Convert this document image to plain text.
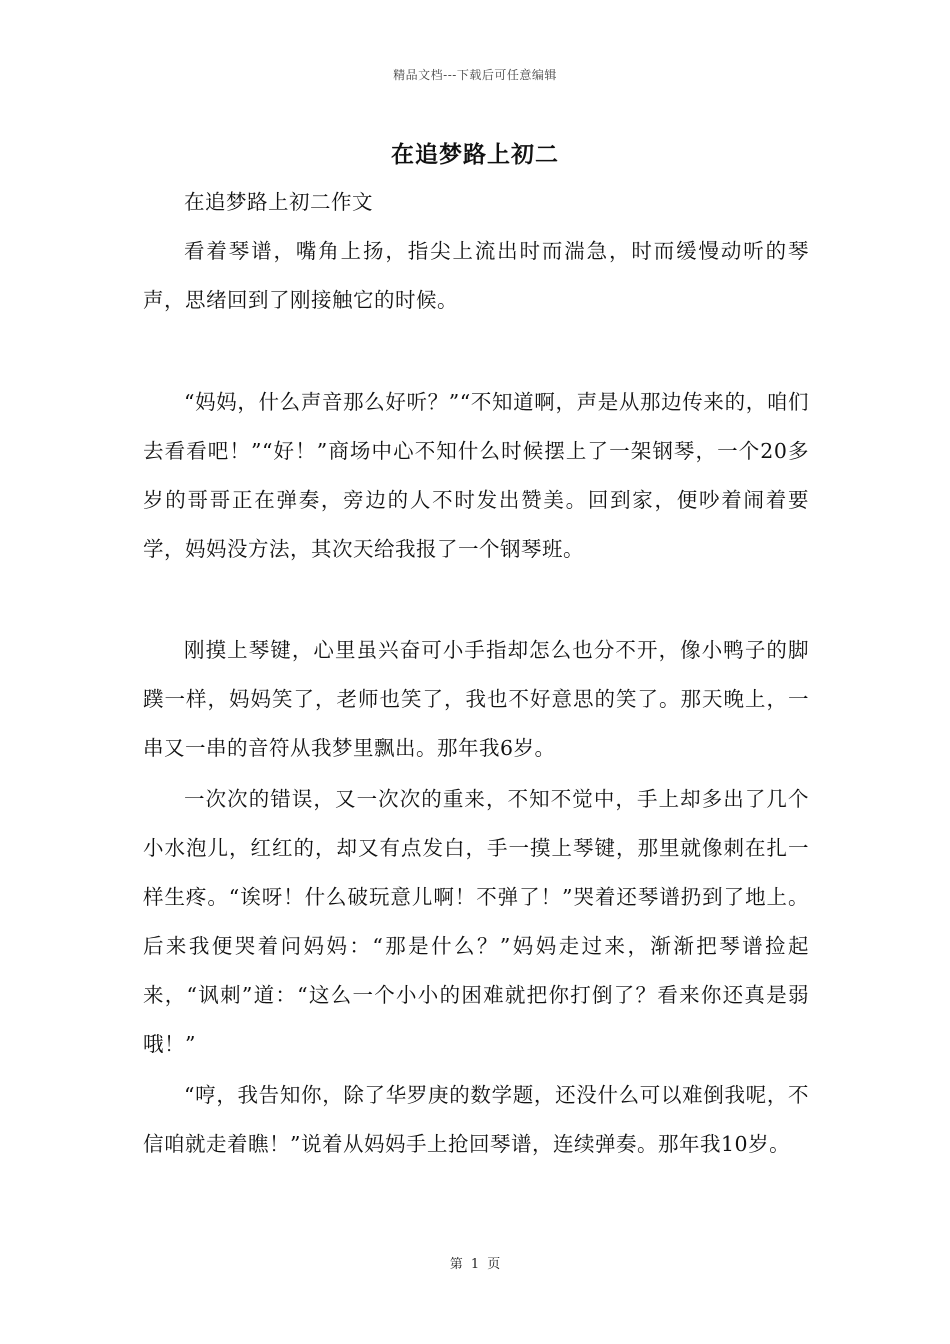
精品文档---下载后可任意编辑
在追梦路上初二

在追梦路上初二作文

看着琴谱，嘴角上扬，指尖上流出时而湍急，时而缓慢动听的琴声，思绪回到了刚接触它的时候。

“妈妈，什么声音那么好听？”“不知道啊，声是从那边传来的，咱们去看看吧！”“好！”商场中心不知什么时候摆上了一架钢琴，一个20多岁的哥哥正在弹奏，旁边的人不时发出赞美。回到家，便吵着闹着要学，妈妈没方法，其次天给我报了一个钢琴班。

刚摸上琴键，心里虽兴奋可小手指却怎么也分不开，像小鸭子的脚蹼一样，妈妈笑了，老师也笑了，我也不好意思的笑了。那天晚上，一串又一串的音符从我梦里飘出。那年我6岁。

一次次的错误，又一次次的重来，不知不觉中，手上却多出了几个小水泡儿，红红的，却又有点发白，手一摸上琴键，那里就像刺在扎一样生疼。“诶呀！什么破玩意儿啊！不弹了！”哭着还琴谱扔到了地上。后来我便哭着问妈妈：“那是什么？”妈妈走过来，渐渐把琴谱捡起来，“讽刺”道：“这么一个小小的困难就把你打倒了？看来你还真是弱哦！”

“哼，我告知你，除了华罗庚的数学题，还没什么可以难倒我呢，不信咱就走着瞧！”说着从妈妈手上抢回琴谱，连续弹奏。那年我10岁。

第 1 页
